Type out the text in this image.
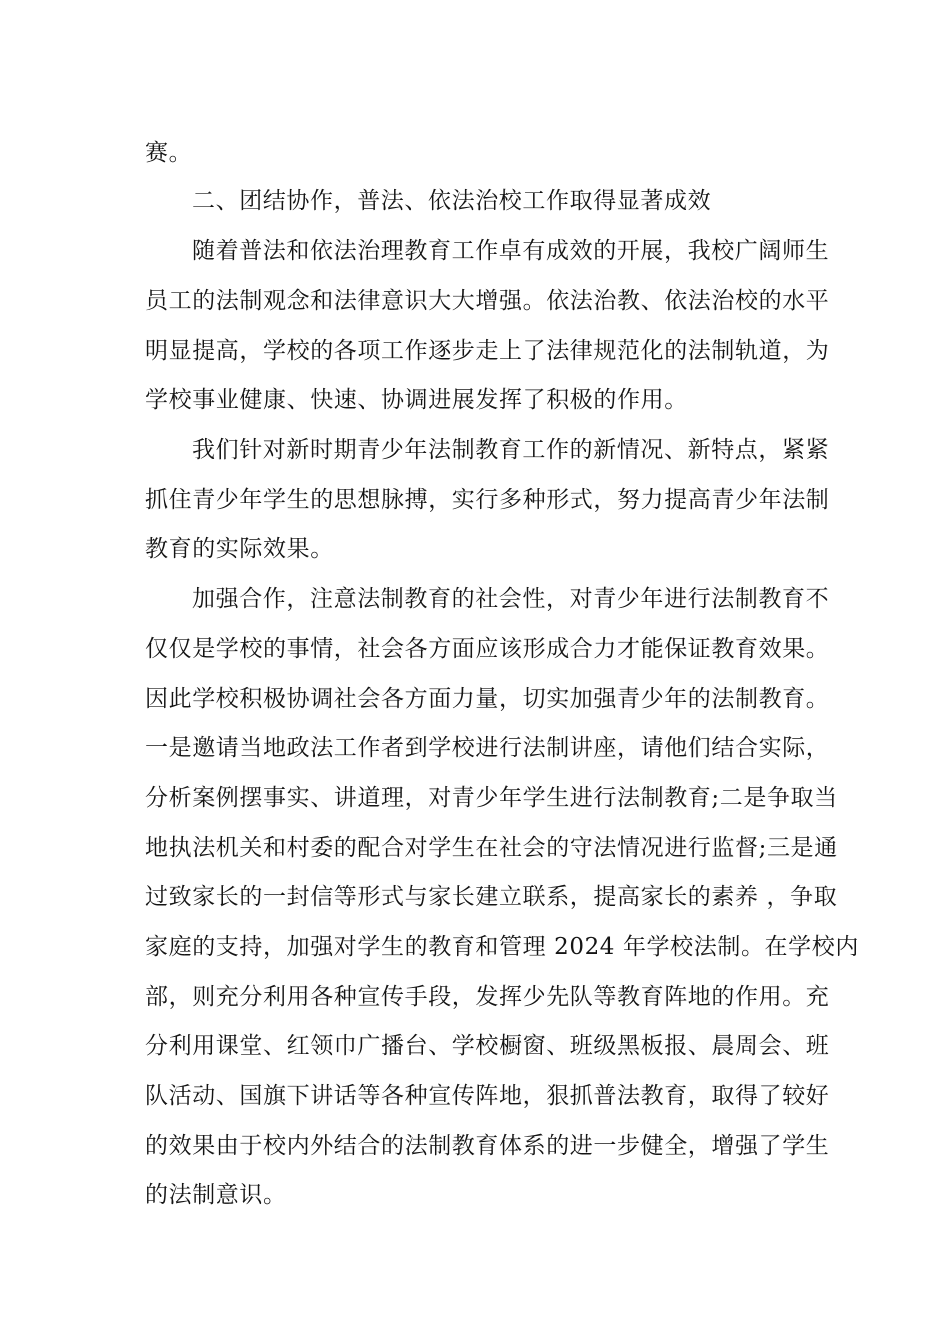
赛。
二、团结协作，普法、依法治校工作取得显著成效
随着普法和依法治理教育工作卓有成效的开展，我校广阔师生
员工的法制观念和法律意识大大增强。依法治教、依法治校的水平
明显提高，学校的各项工作逐步走上了法律规范化的法制轨道，为
学校事业健康、快速、协调进展发挥了积极的作用。
我们针对新时期青少年法制教育工作的新情况、新特点，紧紧
抓住青少年学生的思想脉搏，实行多种形式，努力提高青少年法制
教育的实际效果。
加强合作，注意法制教育的社会性，对青少年进行法制教育不
仅仅是学校的事情，社会各方面应该形成合力才能保证教育效果。
因此学校积极协调社会各方面力量，切实加强青少年的法制教育。
一是邀请当地政法工作者到学校进行法制讲座，请他们结合实际，
分析案例摆事实、讲道理，对青少年学生进行法制教育;二是争取当
地执法机关和村委的配合对学生在社会的守法情况进行监督;三是通
过致家长的一封信等形式与家长建立联系，提高家长的素养 ，争取
家庭的支持，加强对学生的教育和管理 2024 年学校法制。在学校内
部，则充分利用各种宣传手段，发挥少先队等教育阵地的作用。充
分利用课堂、红领巾广播台、学校橱窗、班级黑板报、晨周会、班
队活动、国旗下讲话等各种宣传阵地，狠抓普法教育，取得了较好
的效果由于校内外结合的法制教育体系的进一步健全，增强了学生
的法制意识。
